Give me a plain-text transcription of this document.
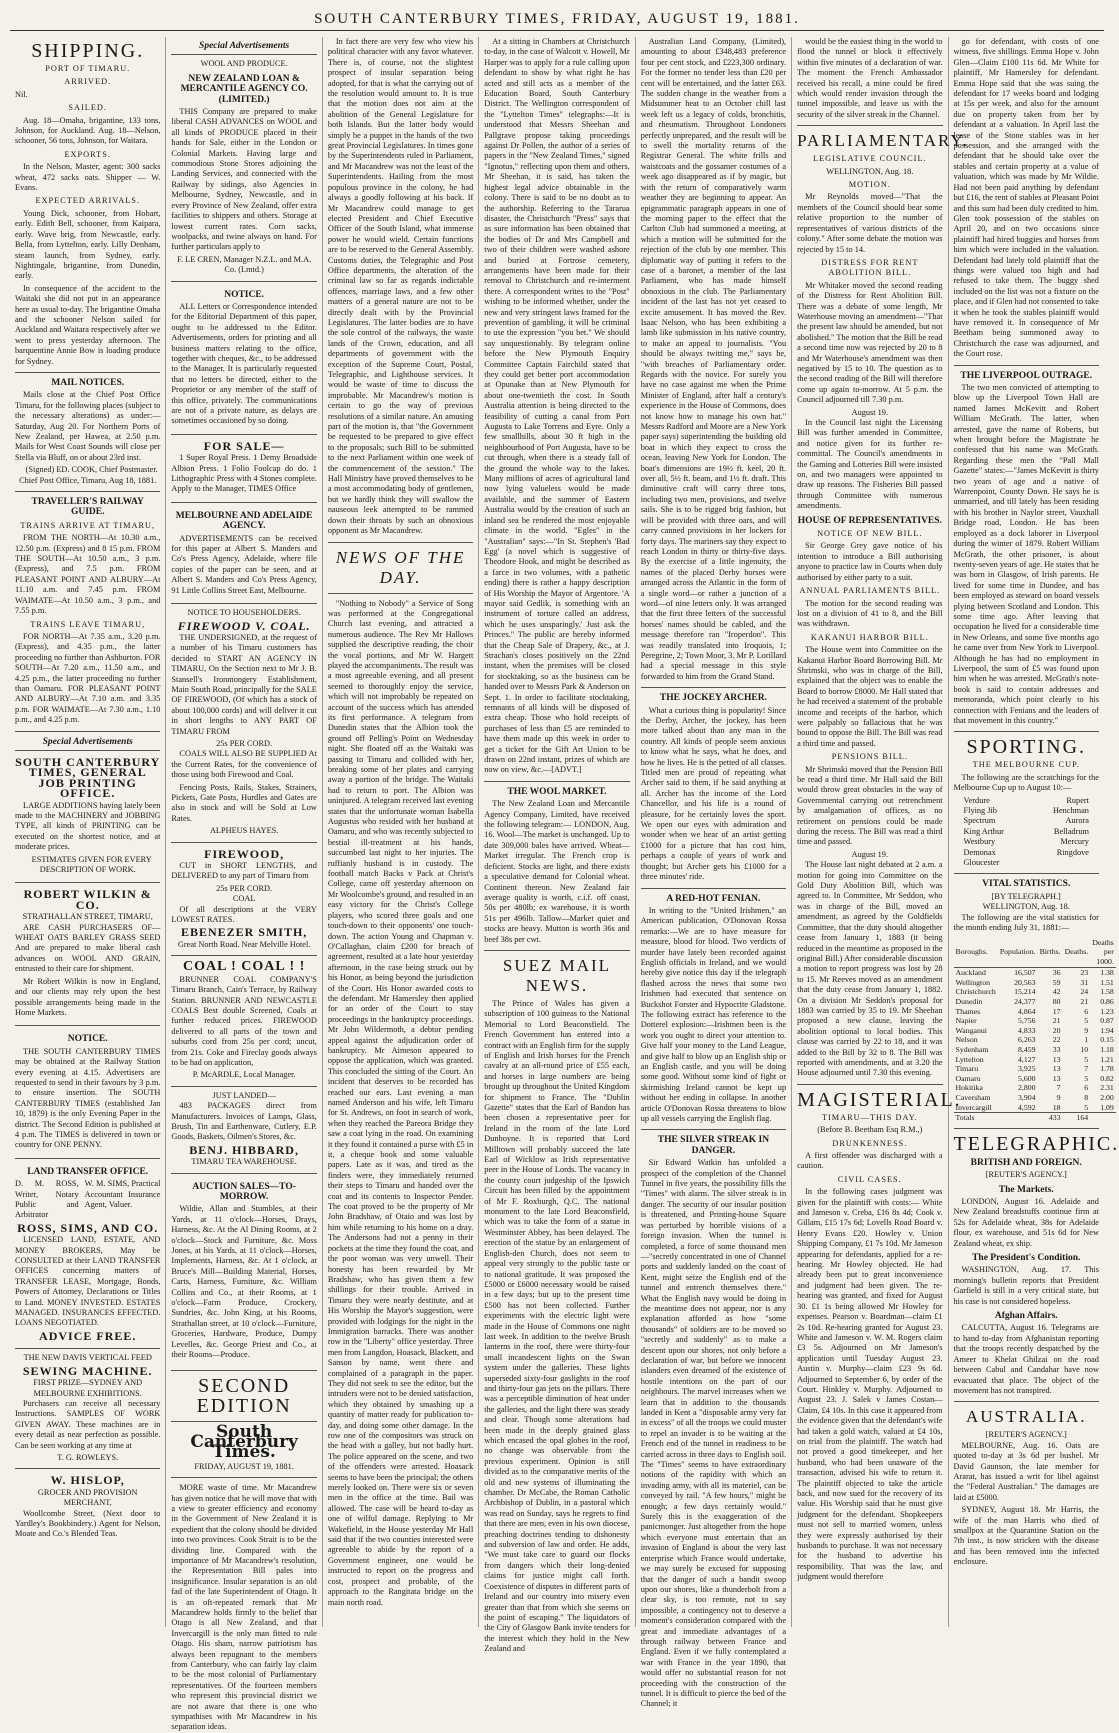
SOUTH CANTERBURY TIMES, FRIDAY, AUGUST 19, 1881.
SHIPPING.
PORT OF TIMARU.
ARRIVED.

Nil.

SAILED.

Aug. 18—Omaha, brigantine, 133 tons, Johnson, for Auckland. Aug. 18—Nelson, schooner, 56 tons, Johnson, for Waitara.

EXPORTS.

In the Nelson, Master, agent: 300 sacks wheat, 472 sacks oats. Shipper — W. Evans.

EXPECTED ARRIVALS.

Young Dick, schooner, from Hobart, early. Edith Bell, schooner, from Kaipara, early. Wave brig, from Newcastle, early. Bella, from Lyttelton, early. Lilly Denham, steam launch, from Sydney, early. Nightingale, brigantine, from Dunedin, early.

In consequence of the accident to the Waitaki she did not put in an appearance here as usual to-day. The brigantine Omaha and the schooner Nelson sailed for Auckland and Waitara respectively after we went to press yesterday afternoon. The barquentine Annie Bow is loading produce for Sydney.

MAIL NOTICES.

Mails close at the Chief Post Office Timaru, for the following places (subject to the necessary alterations) as under:— Saturday, Aug 20. For Northern Ports of New Zealand, per Hawea, at 2.50 p.m. Mails for West Coast Sounds will close per Stella via Bluff, on or about 23rd inst.

(Signed) ED. COOK, Chief Postmaster. Chief Post Office, Timaru, Aug 18, 1881.

TRAVELLER'S RAILWAY GUIDE.
TRAINS ARRIVE AT TIMARU,

FROM THE NORTH—At 10.30 a.m., 12.50 p.m. (Express) and 8 15 p.m. FROM THE SOUTH—At 10.50 a.m., 3 p.m. (Express), and 7.5 p.m. FROM PLEASANT POINT AND ALBURY—At 11.10 a.m. and 7.45 p.m. FROM WAIMATE—At 10.50 a.m., 3 p.m., and 7.55 p.m.

TRAINS LEAVE TIMARU,

FOR NORTH—At 7.35 a.m., 3.20 p.m. (Express), and 4.35 p.m., the latter proceeding no further than Ashburton. FOR SOUTH—At 7.20 a.m., 11.50 a.m., and 4.25 p.m., the latter proceeding no further than Oamaru. FOR PLEASANT POINT AND ALBURY—At 7.10 a.m. and 3.35 p.m. FOR WAIMATE—At 7.30 a.m., 1.10 p.m., and 4.25 p.m.

Special Advertisements
SOUTH CANTERBURY TIMES, GENERAL JOB PRINTING OFFICE.

LARGE ADDITIONS having lately been made to the MACHINERY and JOBBING TYPE, all kinds of PRINTING can be executed on the shortest notice, and at moderate prices.

ESTIMATES GIVEN FOR EVERY DESCRIPTION OF WORK.

ROBERT WILKIN & CO.
STRATHALLAN STREET, TIMARU,

ARE CASH PURCHASERS OF— WHEAT OATS BARLEY GRASS SEED And are prepared to make liberal cash advances on WOOL AND GRAIN, entrusted to their care for shipment.

Mr Robert Wilkin is now in England, and our clients may rely upon the best possible arrangements being made in the Home Markets.

NOTICE.

THE SOUTH CANTERBURY TIMES may be obtained at the Railway Station every evening at 4.15. Advertisers are requested to send in their favours by 3 p.m. to ensure insertion. The SOUTH CANTERBURY TIMES (established Jan 10, 1879) is the only Evening Paper in the district. The Second Edition is published at 4 p.m. The TIMES is delivered in town or country for ONE PENNY.

LAND TRANSFER OFFICE.
D. M. ROSS, Writer, Notary Public and Arbitrator
W. M. SIMS, Practical Accountant Insurance Agent, Valuer.
ROSS, SIMS, AND CO.

LICENSED LAND, ESTATE, AND MONEY BROKERS, May be CONSULTED at their LAND TRANSFER OFFICES concerning matters of TRANSFER LEASE, Mortgage, Bonds, Powers of Attorney, Declarations or Titles to Land. MONEY INVESTED. ESTATES MANAGED. INSURANCES EFFECTED. LOANS NEGOTIATED.

ADVICE FREE.
THE NEW DAVIS VERTICAL FEED
SEWING MACHINE.
FIRST PRIZE—SYDNEY AND MELBOURNE EXHIBITIONS.

Purchasers can receive all necessary Instructions. SAMPLES OF WORK GIVEN AWAY. These machines are in every detail as near perfection as possible. Can be seen working at any time at

T. G. ROWLEYS.
W. HISLOP,
GROCER AND PROVISION MERCHANT,

Woollcombe Street, (Next door to Yardley's Bookbindery.) Agent for Nelson, Moate and Co.'s Blended Teas.

Special Advertisements
WOOL AND PRODUCE.
NEW ZEALAND LOAN & MERCANTILE AGENCY CO. (LIMITED.)

THIS Company are prepared to make liberal CASH ADVANCES on WOOL and all kinds of PRODUCE placed in their hands for Sale, either in the London or Colonial Markets. Having large and commodious Stone Stores adjoining the Landing Services, and connected with the Railway by sidings, also Agencies in Melbourne, Sydney, Newcastle, and in every Province of New Zealand, offer extra facilities to shippers and others. Storage at lowest current rates. Corn sacks, woolpacks, and twine always on hand. For further particulars apply to

F. LE CREN, Manager N.Z.L. and M.A. Co. (Lmtd.)
NOTICE.

ALL Letters or Correspondence intended for the Editorial Department of this paper, ought to be addressed to the Editor. Advertisements, orders for printing and all business matters relating to the office, together with cheques, &c., to be addressed to the Manager. It is particularly requested that no letters be directed, either to the Proprietor or any member of the staff of this office, privately. The communications are not of a private nature, as delays are sometimes occasioned by so doing.

FOR SALE—

1 Super Royal Press. 1 Demy Broadside Albion Press. 1 Folio Foolcap do do. 1 Lithographic Press with 4 Stones complete. Apply to the Manager, TIMES Office

MELBOURNE AND ADELAIDE AGENCY.

ADVERTISEMENTS can be received for this paper at Albert S. Manders and Co's Press Agency, Adelaide, where file copies of the paper can be seen, and at Albert S. Manders and Co's Press Agency, 91 Little Collins Street East, Melbourne.

NOTICE TO HOUSEHOLDERS.
FIREWOOD V. COAL.

THE UNDERSIGNED, at the request of a number of his Timaru customers has decided to START AN AGENCY IN TIMARU, On the Section next to Mr J. B. Stansell's Ironmongery Establishment, Main South Road, principally for the SALE OF FIREWOOD, (Of which has a stock of about 100,000 cords) and will deliver it cut in short lengths to ANY PART OF TIMARU FROM

25s PER CORD.

COALS WILL ALSO BE SUPPLIED At the Current Rates, for the convenience of those using both Firewood and Coal.

Fencing Posts, Rails, Stakes, Strainers, Pickets, Gate Posts, Hurdles and Gates are also in stock and will be Sold at Low Rates.

ALPHEUS HAYES.
FIREWOOD,

CUT in SHORT LENGTHS, and DELIVERED to any part of Timaru from

25s PER CORD.
COAL

Of all descriptions at the VERY LOWEST RATES.

EBENEZER SMITH,
Great North Road. Near Melville Hotel.
COAL ! COAL ! !

BRUNNER COAL COMPANY'S Timaru Branch, Cain's Terrace, by Railway Station. BRUNNER AND NEWCASTLE COALS Best double Screened, Coals at further reduced prices. FIREWOOD delivered to all parts of the town and suburbs cord from 25s per cord; uncut, from 21s. Coke and Fireclay goods always to be had on application,

P. McARDLE, Local Manager.
JUST LANDED—

483 PACKAGES direct from Manufacturers. Invoices of Lamps, Glass, Brush, Tin and Earthenware, Cutlery, E.P. Goods, Baskets, Oilmen's Stores, &c.

BENJ. HIBBARD,
TIMARU TEA WAREHOUSE.
AUCTION SALES—TO-MORROW.

Wildie, Allan and Stumbles, at their Yards, at 11 o'clock—Horses, Drays, Harness, &c. At the Al Dining Rooms, at 2 o'clock—Stock and Furniture, &c. Moss Jones, at his Yards, at 11 o'clock—Horses, Implements, Harness, &c. At 1 o'clock, at Bruce's Mill—Building Material, Horses, Carts, Harness, Furniture, &c. William Collins and Co., at their Rooms, at 1 o'clock—Farm Produce, Crockery, Sundries, &c. John King, at his Rooms, Strathallan street, at 10 o'clock—Furniture, Groceries, Hardware, Produce, Dumpy Levelles, &c. George Priest and Co., at their Rooms—Produce.

SECOND EDITION
South Canterbury Times.
FRIDAY, AUGUST 19, 1881.

MORE waste of time. Mr Macandrew has given notice that he will move that with a view to greater efficiency and economy in the Government of New Zealand it is expedient that the colony should be divided into two provinces. Cook Strait is to be the dividing line. Compared with the importance of Mr Macandrew's resolution, the Representation Bill pales into insignificance. Insular separation is an old fad of the late Superintendent of Otago. It is an oft-repeated remark that Mr Macandrew holds firmly to the belief that Otago is all New Zealand, and that Invercargill is the only man fitted to rule Otago. His sham, narrow patriotism has always been repugnant to the members from Canterbury, who can fairly lay claim to be the most colonial of Parliamentary representatives. Of the fourteen members who represent this provincial district we are not aware that there is one who sympathises with Mr Macandrew in his separation ideas.

In fact there are very few who view his political character with any favor whatever. There is, of course, not the slightest prospect of insular separation being adopted, for that is what the carrying out of the resolution would amount to. It is true that the motion does not aim at the abolition of the General Legislature for both Islands. But the latter body would simply be a puppet in the hands of the two great Provincial Legislatures. In times gone by the Superintendents ruled in Parliament, and Mr Macandrew was not the least of the Superintendents. Hailing from the most populous province in the colony, he had always a goodly following at his back. If Mr Macandrew could manage to get elected President and Chief Executive Officer of the South Island, what immense power he would wield. Certain functions are to be reserved to the General Assembly. Customs duties, the Telegraphic and Post Office departments, the alteration of the criminal law so far as regards indictable offences, marriage laws, and a few other matters of a general nature are not to be directly dealt with by the Provincial Legislatures. The latter bodies are to have the sole control of the railways, the waste lands of the Crown, education, and all departments of government with the exception of the Supreme Court, Postal, Telegraphic, and Lighthouse services. It would be waste of time to discuss the improbable. Mr Macandrew's motion is certain to go the way of previous resolutions of a similar nature. An amusing part of the motion is, that "the Government be requested to be prepared to give effect to the proposals; such Bill to be submitted to the next Parliament within one week of the commencement of the session." The Hall Ministry have proved themselves to be a most accommodating body of gentlemen, but we hardly think they will swallow the nauseous leek attempted to be rammed down their throats by such an obnoxious opponent as Mr Macandrew.

NEWS OF THE DAY.

"Nothing to Nobody" a Service of Song was performed at the Congregational Church last evening, and attracted a numerous audience. The Rev Mr Hallows supplied the descriptive reading, the choir the vocal portions, and Mr W. Hargett played the accompaniments. The result was a most agreeable evening, and all present seemed to thoroughly enjoy the service, which will not improbably be repeated on account of the success which has attended its first performance. A telegram from Dunedin states that the Albion took the ground off Pelling's Point on Wednesday night. She floated off as the Waitaki was passing to Timaru and collided with her, breaking some of her plates and carrying away a portion of the bridge. The Waitaki had to return to port. The Albion was uninjured. A telegram received last evening states that the unfortunate woman Isabella Augustus who resided with her husband at Oamaru, and who was recently subjected to bestial ill-treatment at his hands, succumbed last night to her injuries. The ruffianly husband is in custody. The football match Backs v Pack at Christ's College, came off yesterday afternoon on Mr Woolcombe's ground, and resulted in an easy victory for the Christ's College players, who scored three goals and one touch-down to their opponents' one touch-down. The action Young and Chapman v. O'Callaghan, claim £200 for breach of agreement, resulted at a late hour yesterday afternoon, in the case being struck out by his Honor, as being beyond the jurisdiction of the Court. His Honor awarded costs to the defendant. Mr Hamersley then applied for an order of the Court to stay proceedings in the bankruptcy proceedings. Mr John Wildermoth, a debtor pending appeal against the adjudication order of bankruptcy. Mr Aimeson appeared to oppose the application, which was granted. This concluded the sitting of the Court. An incident that deserves to be recorded has reached our ears. Last evening a man named Anderson and his wife, left Timaru for St. Andrews, on foot in search of work, when they reached the Pareora Bridge they saw a coat lying in the road. On examining it they found it contained a purse with £5 in it, a cheque book and some valuable papers. Late as it was, and tired as the finders were, they immediately returned their steps to Timaru and handed over the coat and its contents to Inspector Pender. The coat proved to be the property of Mr John Bradshaw, of Otaio and was lost by him while returning to his home on a dray. The Andersons had not a penny in their pockets at the time they found the coat, and the poor woman was very unwell. Their honesty has been rewarded by Mr Bradshaw, who has given them a few shillings for their trouble. Arrived in Timaru they were nearly destitute, and at His Worship the Mayor's suggestion, were provided with lodgings for the night in the Immigration barracks. There was another row in the "Liberty" office yesterday. Three men from Langdon, Hoasack, Blackett, and Sanson by name, went there and complained of a paragraph in the paper. They did not seek to see the editor, but the intruders were not to be denied satisfaction, which they obtained by smashing up a quantity of matter ready for publication to-day, and doing some other damage. In the row one of the compositors was struck on the head with a galley, but not badly hurt. The police appeared on the scene, and two of the offenders were arrested. Hoasack seems to have been the principal; the others merely looked on. There were six or seven men in the office at the time. Bail was allowed. The case will be heard to-day as one of wilful damage. Replying to Mr Wakefield, in the House yesterday Mr Hall said that if the two counties interested were agreeable to abide by the report of a Government engineer, one would be instructed to report on the progress and cost, prospect and probable, of the approach to the Rangitata bridge on the main north road.

At a sitting in Chambers at Christchurch to-day, in the case of Walcott v. Howell, Mr Harper was to apply for a rule calling upon defendant to show by what right he has acted and still acts as a member of the Education Board, South Canterbury District. The Wellington correspondent of the "Lyttelton Times" telegraphs:—It is understood that Messrs Sheehan and Pallgrave propose taking proceedings against Dr Pollen, the author of a series of papers in the "New Zealand Times," signed "Ignotus," reflecting upon them and others. Mr Sheehan, it is said, has taken the highest legal advice obtainable in the colony. There is said to be no doubt as to the authorship. Referring to the Tararua disaster, the Christchurch "Press" says that as sure information has been obtained that the bodies of Dr and Mrs Campbell and two of their children were washed ashore and buried at Fortrose cemetery, arrangements have been made for their removal to Christchurch and re-interment there. A correspondent writes to the "Post" wishing to be informed whether, under the new and very stringent laws framed for the prevention of gambling, it will be criminal to use the expression "you bet." We should say unquestionably. By telegram online before the New Plymouth Enquiry Committee Captain Fairchild stated that they could get better port accommodation at Opunake than at New Plymouth for about one-twentieth the cost. In South Australia attention is being directed to the feasibility of cutting a canal from Port Augusta to Lake Torrens and Eyre. Only a few smallhills, about 30 ft high in the neighbourhood of Port Augusta, have to be cut through, when there is a steady fall of the ground the whole way to the lakes. Many millions of acres of agricultural land now lying valueless would be made available, and the summer of Eastern Australia would by the creation of such an inland sea be rendered the most enjoyable climate in the world. "Egles" in the "Australian" says:—"In St. Stephen's 'Bad Egg' (a novel which is suggestive of Theodore Hook, and might be described as a farce in two volumes, with a pathetic ending) there is rather a happy description of His Worship the Mayor of Argentore. 'A mayor said Gedlik, is something with an instrument of torture called an address, which he uses unsparingly.' Just ask the Princes." The public are hereby informed that the Cheap Sale of Drapery, &c., at J. Strachan's closes positively on the 22nd instant, when the premises will be closed for stocktaking, so as the business can be handed over to Messrs Park & Anderson on Sept. 1. In order to facilitate stocktaking, remnants of all kinds will be disposed of extra cheap. Those who hold receipts of purchases of less than £5 are reminded to have them made up this week in order to get a ticket for the Gift Art Union to be drawn on 22nd instant, prizes of which are now on view, &c.—[ADVT.]

THE WOOL MARKET.

The New Zealand Loan and Mercantile Agency Company, Limited, have received the following telegram:— LONDON, Aug. 16. Wool—The market is unchanged. Up to date 309,000 bales have arrived. Wheat—Market irregular. The French crop is deficient. Stocks are light, and there exists a speculative demand for Colonial wheat. Continent thereon. New Zealand fair average quality is worth, c.i.f. off coast, 50s per 480lb; ex warehouse, it is worth 51s per 496lb. Tallow—Market quiet and stocks are heavy. Mutton is worth 36s and beef 38s per cwt.

SUEZ MAIL NEWS.

The Prince of Wales has given a subscription of 100 guineas to the National Memorial to Lord Beaconsfield. The French Government has entered into a contract with an English firm for the supply of English and Irish horses for the French cavalry at an all-round price of £55 each, and horses in large numbers are being brought up throughout the United Kingdom for shipment to France. The "Dublin Gazette" states that the Earl of Bandon has been chosen a representative peer for Ireland in the room of the late Lord Dunboyne. It is reported that Lord Milltown will probably succeed the late Earl of Wicklow as Irish representative peer in the House of Lords. The vacancy in the county court judgeship of the Ipswich Circuit has been filled by the appointment of Mr F. Roxburgh, Q.C. The national monument to the late Lord Beaconsfield, which was to take the form of a statue in Westminster Abbey, has been delayed. The erection of the statue by an enlargement of English-den Church, does not seem to appeal very strongly to the public taste or to national gratitude. It was proposed the £5000 or £6000 necessary would be raised in a few days; but up to the present time £500 has not been collected. Further experiments with the electric light were made in the House of Commons one night last week. In addition to the twelve Brush lanterns in the roof, there were thirty-four small incandescent lights on the Swan system under the galleries. These lights superseded sixty-four gaslights in the roof and thirty-four gas jets on the pillars. There was a perceptible diminution of heat under the galleries, and the light there was steady and clear. Though some alterations had been made in the deeply grained glass which encased the opal globes in the roof, no change was observable from the previous experiment. Opinion is still divided as to the comparative merits of the old and new systems of illuminating the chamber. Dr McCabe, the Roman Catholic Archbishop of Dublin, in a pastoral which was read on Sunday, says he regrets to find that there are men, even in his own diocese, preaching doctrines tending to dishonesty and subversion of law and order. He adds, "We must take care to guard our flocks from dangers which their long-denied claims for justice might call forth. Coexistence of disputes in different parts of Ireland and our country into misery even greater than that from which she seems on the point of escaping." The liquidators of the City of Glasgow Bank invite tenders for the interest which they hold in the New Zealand and

Australian Land Company, (Limited), amounting to about £348,483 preference four per cent stock, and £223,300 ordinary. For the former no tender less than £20 per cent will be entertained, and the latter £63. The sudden change in the weather from a Midsummer heat to an October chill last week left us a legacy of colds, bronchitis, and rheumatism. Throughout Londoners perfectly unprepared, and the result will be to swell the mortality returns of the Registrar General. The white frills and waistcoats and the gossamer costumes of a week ago disappeared as if by magic, but with the return of comparatively warm weather they are beginning to appear. An epigrammatic paragraph appears in one of the morning paper to the effect that the Carlton Club had summoned a meeting, at which a motion will be submitted for the rejection of the club by one member. This diplomatic way of putting it refers to the case of a baronet, a member of the last Parliament, who has made himself obnoxious in the club. The Parliamentary incident of the last has not yet ceased to excite amusement. It has moved the Rev. Isaac Nelson, who has been exhibiting a lamb like submission in his native country, to make an appeal to journalists. "You should be always twitting me," says he, "with breaches of Parliamentary order. Regards with the novice. For surely you have no case against me when the Prime Minister of England, after half a century's experience in the House of Commons, does not know how to manage his own hat." Messrs Radford and Moore are a New York paper says) superintending the building old boat in which they expect to cross the ocean, leaving New York for London. The boat's dimensions are 19½ ft. keel, 20 ft. over all, 5½ ft. beam, and 1½ ft. draft. This diminutive craft will carry three tons, including two men, provisions, and twelve sails. She is to be rigged brig fashion, but will be provided with three oars, and will carry canned provisions in her lockers for forty days. The mariners say they expect to reach London in thirty or thirty-five days. By the exercise of a little ingenuity, the names of the placed Derby horses were arranged across the Atlantic in the form of a single word—or rather a junction of a word—of nine letters only. It was arranged that the first three letters of the successful horses' names should be cabled, and the message therefore ran "Iroperdon". This was readily translated into Iroquois, 1; Peregrine, 2; Town Moor, 3. Mr P. Lorillard had a special message in this style forwarded to him from the Grand Stand.

THE JOCKEY ARCHER.

What a curious thing is popularity! Since the Derby, Archer, the jockey, has been more talked about than any man in the country. All kinds of people seem anxious to know what he says, what he does, and how he lives. He is the petted of all classes. Titled men are proud of repeating what Archer said to them, if he said anything at all. Archer has the income of the Lord Chancellor, and his life is a round of pleasure, for he certainly loves the sport. We open our eyes with admiration and wonder when we hear of an artist getting £1000 for a picture that has cost him, perhaps a couple of years of work and thought; but Archer gets his £1000 for a three minutes' ride.

A RED-HOT FENIAN.

In writing to the "United Irishmen," an American publication, O'Donovan Rossa remarks:—We are to have measure for measure, blood for blood. Two verdicts of murder have lately been recorded against English officials in Ireland, and we would hereby give notice this day if the telegraph flashed across the news that some two Irishmen had executed that sentence on Buckshot Forster and Hypocrite Gladstone. The following extract has reference to the Dotterel explosion:—Irishmen been is the work you ought to direct your attention to. Give half your money to the Land League, and give half to blow up an English ship or an English castle, and you will be doing some good. Without some kind of fight or skirmishing Ireland cannot be kept up without her ending in collapse. In another article O'Donovan Rossa threatens to blow up all vessels carrying the English flag.

THE SILVER STREAK IN DANGER.

Sir Edward Watkin has unfolded a prospect of the completion of the Channel Tunnel in five years, the possibility fills the "Times" with alarm. The silver streak is in danger. The security of our insular position is threatened, and Printing-house Square was perturbed by horrible visions of a foreign invasion. When the tunnel is completed, a force of some thousand men—"secretly concentrated in one of Channel ports and suddenly landed on the coast of Kent, might seize the English end of the tunnel and entrench themselves there." What the English navy would be doing in the meantime does not appear, nor is any explanation afforded as how "some thousands" of soldiers are to be moved so "secretly and suddenly" as to make a descent upon our shores, not only before a declaration of war, but before we innocent islanders even dreamed of the existence of hostile intentions on the part of our neighbours. The marvel increases when we learn that in addition to the thousands landed in Kent a "disposable army very far in excess" of all the troops we could muster to repel an invader is to be waiting at the French end of the tunnel in readiness to be carried across in three days to English soil. The "Times" seems to have extraordinary notions of the rapidity with which an invading army, with all its materiel, can be conveyed by rail. "A few hours," might be enough; a few days certainly would." Surely this is the exaggeration of the panicmonger. Just altogether from the hope which everyone must entertain that an invasion of England is about the very last enterprise which France would undertake, we may surely be excused for supposing that the danger of such a bandit swoop upon our shores, like a thunderbolt from a clear sky, is too remote, not to say impossible, a contingency not to deserve a moment's consideration compared with the great and immediate advantages of a through railway between France and England. Even if we fully contemplated a war with France in the year 1890, that would offer no substantial reason for not proceeding with the construction of the tunnel. It is difficult to pierce the bed of the Channel; it

would be the easiest thing in the world to flood the tunnel or block it effectively within five minutes of a declaration of war. The moment the French Ambassador received his recall, a mine could be fired which would render invasion through the tunnel impossible, and leave us with the security of the silver streak in the Channel.

PARLIAMENTARY.
LEGISLATIVE COUNCIL.
WELLINGTON, Aug. 18.
MOTION.

Mr Reynolds moved—"That the members of the Council should bear some relative proportion to the number of representatives of various districts of the colony." After some debate the motion was rejected by 15 to 14.

DISTRESS FOR RENT ABOLITION BILL.

Mr Whitaker moved the second reading of the Distress for Rent Abolition Bill. There was a debate of some length, Mr Waterhouse moving an amendment—"That the present law should be amended, but not abolished." The motion that the Bill be read a second time now was rejected by 20 to 8 and Mr Waterhouse's amendment was then negatived by 15 to 10. The question as to the second reading of the Bill will therefore come up again to-morrow. At 5 p.m. the Council adjourned till 7.30 p.m.

August 19.

In the Council last night the Licensing Bill was further amended in Committee, and notice given for its further re-committal. The Council's amendments in the Gaming and Lotteries Bill were insisted on, and two managers were appointed to draw up reasons. The Fisheries Bill passed through Committee with numerous amendments.

HOUSE OF REPRESENTATIVES.
NOTICE OF NEW BILL.

Sir George Grey gave notice of his intention to introduce a Bill authorising anyone to practice law in Courts when duly authorised by either party to a suit.

ANNUAL PARLIAMENTS BILL.

The motion for the second reading was lost on a division of 41 to 8, and the Bill was withdrawn.

KAKANUI HARBOR BILL.

The House went into Committee on the Kakanui Harbor Board Borrowing Bill. Mr Shrimski, who was in charge of the Bill, explained that the object was to enable the Board to borrow £8000. Mr Hall stated that he had received a statement of the probable income and receipts of the harbor, which were palpably so fallacious that he was bound to oppose the Bill. The Bill was read a third time and passed.

PENSIONS BILL.

Mr Shrimski moved that the Pension Bill be read a third time. Mr Hall said the Bill would throw great obstacles in the way of Governmental carrying out retrenchment by amalgamation of offices, as no retirement on pensions could be made during the recess. The Bill was read a third time and passed.

August 19.

The House last night debated at 2 a.m. a motion for going into Committee on the Gold Duty Abolition Bill, which was agreed to. In Committee, Mr Seddon, who was in charge of the Bill, moved an amendment, as agreed by the Goldfields Committee, that the duty should altogether cease from January 1, 1883 (it being reduced in the meantime as proposed in the original Bill.) After considerable discussion a motion to report progress was lost by 28 to 15. Mr Reeves moved as an amendment that the duty cease from January 1, 1882. On a division Mr Seddon's proposal for 1883 was carried by 35 to 19. Mr Sheehan proposed a new clause, leaving the abolition optional to local bodies. This clause was carried by 22 to 18, and it was added to the Bill by 32 to 8. The Bill was reported with amendments, and at 3.20 the House adjourned until 7.30 this evening.

MAGISTERIAL.
TIMARU—THIS DAY.
(Before B. Beetham Esq R.M.,)
DRUNKENNESS.

A first offender was discharged with a caution.

CIVIL CASES.

In the following cases judgment was given for the plaintiff with costs:— White and Jameson v. Creba, £16 8s 4d; Cook v. Gillam, £15 17s 6d; Lovells Road Board v. Henry Evans £20. Howley v. Union Shipping Company, £1 7s 10d. Mr Jameson appearing for defendants, applied for a re-hearing. Mr Howley objected. He had already been put to great inconvenience and judgment had been given. The re-hearing was granted, and fixed for August 30. £1 1s being allowed Mr Howley for expenses. Pearson v. Boardman—claim £1 2s 10d. Re-hearing granted for August 23. White and Jameson v. W. M. Rogers claim £3 5s. Adjourned on Mr Jameson's application until Tuesday August 23. Austin v. Murphy—claim £23 9s 6d. Adjourned to September 6, by order of the Court. Hinkley v. Murphy. Adjourned to August 23. J. Salek v James Costan—Claim, £4 10s. In this case it appeared from the evidence given that the defendant's wife had taken a gold watch, valued at £4 10s, on trial from the plaintiff. The watch had not proved a good timekeeper, and her husband, who had been unaware of the transaction, advised his wife to return it. The plaintiff objected to take the article back, and now sued for the recovery of its value. His Worship said that he must give judgment for the defendant. Shopkeepers must not sell to married women, unless they were expressly authorised by their husbands to purchase. It was not necessary for the husband to advertise his responsibility. That was the law, and judgment would therefore

go for defendant, with costs of one witness, five shillings. Emma Hope v. John Glen—Claim £100 11s 6d. Mr White for plaintiff, Mr Hamersley for defendant. Emma Hope said that she was suing the defendant for 17 weeks board and lodging at 15s per week, and also for the amount due on property taken from her by defendant at a valuation. In April last the lease of the Stone stables was in her possession, and she arranged with the defendant that he should take over the stables and certain property at a value of valuation, which was made by Mr Wildie. Had not been paid anything by defendant but £16, the rent of stables at Pleasant Point and this sum had been duly credited to him. Glen took possession of the stables on April 20, and on two occasions since plaintiff had hired buggies and horses from him which were included in the valuation. Defendant had lately told plaintiff that the things were valued too high and had refused to take them. The buggy shed included on the list was not a fixture on the place, and if Glen had not consented to take it when he took the stables plaintiff would have removed it. In consequence of Mr Beetham being summoned away to Christchurch the case was adjourned, and the Court rose.

THE LIVERPOOL OUTRAGE.

The two men convicted of attempting to blow up the Liverpool Town Hall are named James McKevitt and Robert William McGrath. The latter, when arrested, gave the name of Roberts, but when brought before the Magistrate he confessed that his name was McGrath. Regarding these men the "Pall Mall Gazette" states:—"James McKevitt is thirty two years of age and a native of Warrenpoint, County Down. He says he is unmarried, and till lately has been residing with his brother in Naylor street, Vauxhall Bridge road, London. He has been employed as a dock laborer in Liverpool during the winter of 1879. Robert William McGrath, the other prisoner, is about twenty-seven years of age. He states that he was born in Glasgow, of Irish parents. He lived for some time in Dundee, and has been employed as steward on board vessels plying between Scotland and London. This some time ago. After leaving that occupation he lived for a considerable time in New Orleans, and some five months ago he came over from New York to Liverpool. Although he has had no employment in Liverpool, the sum of £5 was found upon him when he was arrested. McGrath's note-book is said to contain addresses and memoranda, which point clearly to his connection with Fenians and the leaders of that movement in this country."

SPORTING.
THE MELBOURNE CUP.

The following are the scratchings for the Melbourne Cup up to August 10:—

Verdure	Rupert
Flying Jib	Henchman
Spectrum	Aurora
King Arthur	Belladrum
Westbury	Mercury
Demonax	Ringdove
Gloucester
VITAL STATISTICS.
[BY TELEGRAPH.]
WELLINGTON, Aug. 18.

The following are the vital statistics for the month ending July 31, 1881:—

Boroughs.	Population.	Births.	Deaths.	Deaths per 1000.
Auckland	16,507	36	23	1.38
Wellington	20,563	59	31	1.51
Christchurch	15,214	42	24	1.58
Dunedin	24,377	80	21	0.86
Thames	4,864	17	6	1.23
Napier	5,756	21	5	0.87
Wanganui	4,833	20	9	1.94
Nelson	6,263	22	1	0.15
Sydenham	8,459	33	10	1.18
Lyttelton	4,127	13	5	1.21
Timaru	3,925	13	7	1.78
Oamaru	5,600	13	5	0.82
Hokitika	2,800	7	6	2.31
Caversham	3,904	9	8	2.00
Invercargill	4,592	18	5	1.09
Totals		433	164	
TELEGRAPHIC.
BRITISH AND FOREIGN.
[REUTER'S AGENCY.]
The Markets.

LONDON, August 16. Adelaide and New Zealand breadstuffs continue firm at 52s for Adelaide wheat, 38s for Adelaide flour, ex warehouse, and 51s 6d for New Zealand wheat, ex ship.

The President's Condition.

WASHINGTON, Aug. 17. This morning's bulletin reports that President Garfield is still in a very critical state, but his case is not considered hopeless.

Afghan Affairs.

CALCUTTA, August 16. Telegrams are to hand to-day from Afghanistan reporting that the troops recently despatched by the Ameer to Khelat Ghilzai on the road between Cabul and Candahar have now evacuated that place. The object of the movement has not transpired.

AUSTRALIA.
[REUTER'S AGENCY.]

MELBOURNE, Aug. 16. Oats are quoted to-day at 3s 6d per bushel. Mr David Gaunson, the late member for Ararat, has issued a writ for libel against the "Federal Australian." The damages are laid at £5000.

SYDNEY, August 18. Mr Harris, the wife of the man Harris who died of smallpox at the Quarantine Station on the 7th inst., is now stricken with the disease and has been removed into the infected enclosure.
